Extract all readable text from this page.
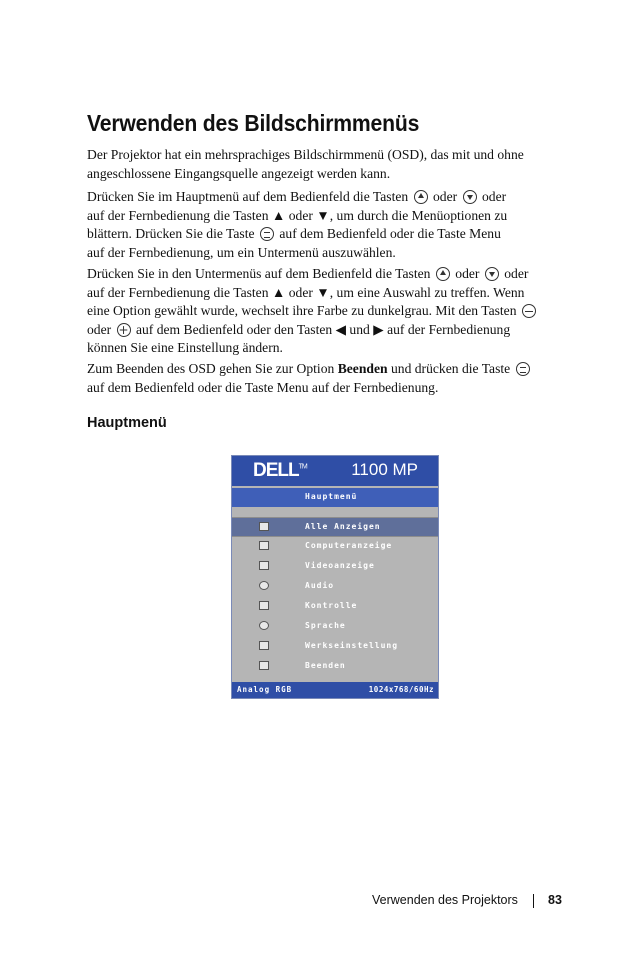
Verwenden des Bildschirmmenüs
Der Projektor hat ein mehrsprachiges Bildschirmmenü (OSD), das mit und ohne
angeschlossene Eingangsquelle angezeigt werden kann.
Drücken Sie im Hauptmenü auf dem Bedienfeld die Tasten oder oder
auf der Fernbedienung die Tasten ▲ oder ▼, um durch die Menüoptionen zu
blättern. Drücken Sie die Taste auf dem Bedienfeld oder die Taste Menu
auf der Fernbedienung, um ein Untermenü auszuwählen.
Drücken Sie in den Untermenüs auf dem Bedienfeld die Tasten oder oder
auf der Fernbedienung die Tasten ▲ oder ▼, um eine Auswahl zu treffen. Wenn
eine Option gewählt wurde, wechselt ihre Farbe zu dunkelgrau. Mit den Tasten
oder + auf dem Bedienfeld oder den Tasten ◀ und ▶ auf der Fernbedienung
können Sie eine Einstellung ändern.
Zum Beenden des OSD gehen Sie zur Option Beenden und drücken die Taste
auf dem Bedienfeld oder die Taste Menu auf der Fernbedienung.
Hauptmenü
DELL™	1100 MP
Hauptmenü
Alle Anzeigen
Computeranzeige
Videoanzeige
Audio
Kontrolle
Sprache
Werkseinstellung
Beenden
Analog RGB	1024x768/60Hz
Verwenden des Projektors 83
